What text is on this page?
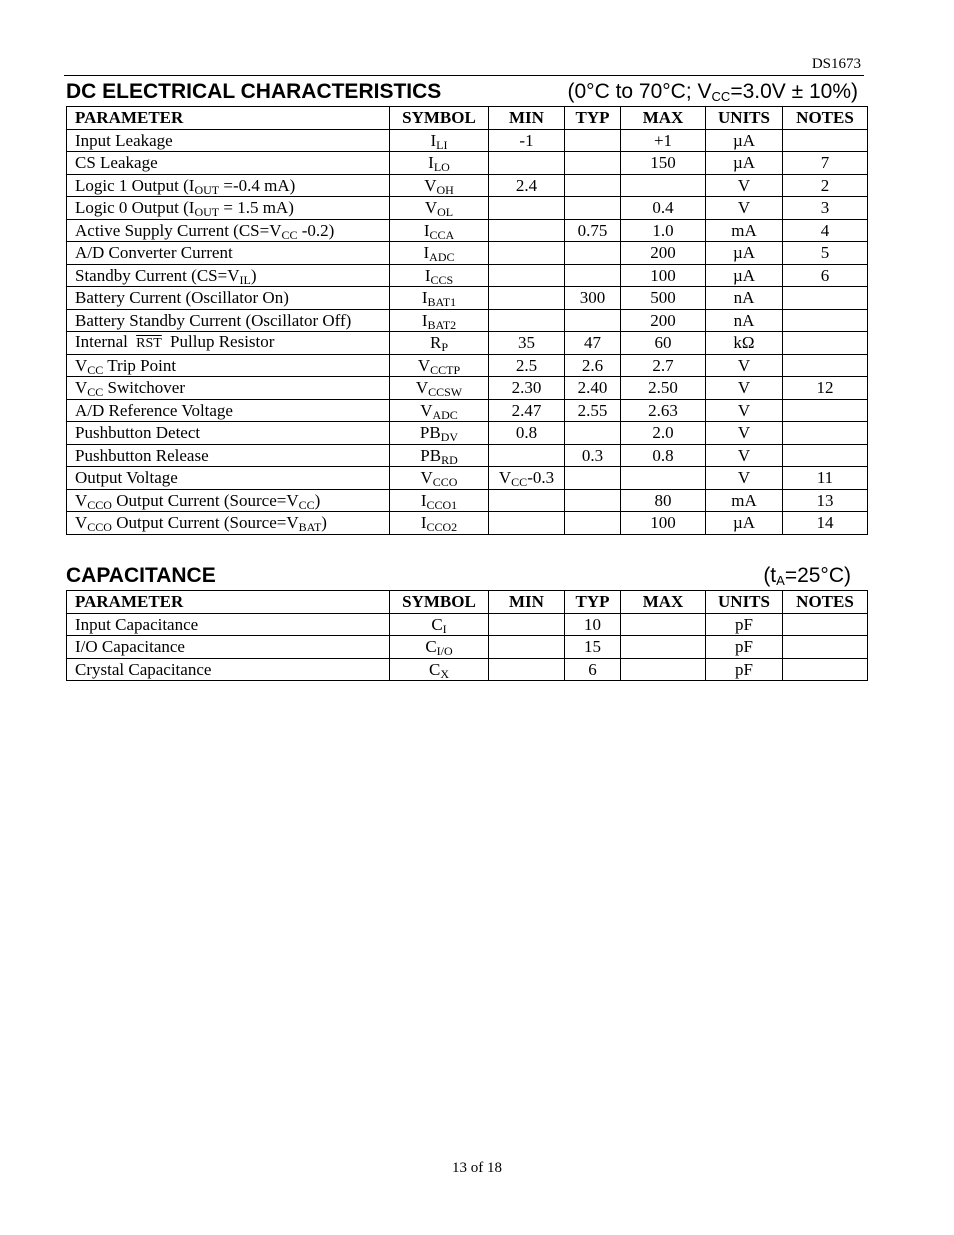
DS1673
DC ELECTRICAL CHARACTERISTICS	(0°C to 70°C; $V_{CC}=3.0V \pm 10\%$)
PARAMETER	SYMBOL	MIN	TYP	MAX	UNITS	NOTES
Input Leakage	$I_{LI}$	-1		+1	µA	
CS Leakage	$I_{LO}$			150	µA	7
Logic 1 Output ($I_{OUT} =-0.4$ mA)	$V_{OH}$	2.4			V	2
Logic 0 Output ($I_{OUT} = 1.5$ mA)	$V_{OL}$			0.4	V	3
Active Supply Current ($CS=V_{CC}$ -0.2)	$I_{CCA}$		0.75	1.0	mA	4
A/D Converter Current	$I_{ADC}$			200	µA	5
Standby Current $(CS=V_{IL})$	$I_{CCS}$			100	µA	6
Battery Current (Oscillator On)	$I_{BAT1}$		300	500	nA	
Battery Standby Current (Oscillator Off)	$I_{BAT2}$			200	nA	
Internal $\overline{RST}$ Pullup Resistor	$R_P$	35	47	60	kΩ	
$V_{CC}$ Trip Point	$V_{CCTP}$	2.5	2.6	2.7	V	
$V_{CC}$ Switchover	$V_{CCSW}$	2.30	2.40	2.50	V	12
A/D Reference Voltage	$V_{ADC}$	2.47	2.55	2.63	V	
Pushbutton Detect	$PB_{DV}$	0.8		2.0	V	
Pushbutton Release	$PB_{RD}$		0.3	0.8	V	
Output Voltage	$V_{CCO}$	$V_{CC}-0.3$			V	11
$V_{CCO}$ Output Current $(Source=V_{CC})$	$I_{CCO1}$			80	mA	13
$V_{CCO}$ Output Current $(Source=V_{BAT})$	$I_{CCO2}$			100	µA	14
CAPACITANCE	$(t_A=25^\circ C)$
PARAMETER	SYMBOL	MIN	TYP	MAX	UNITS	NOTES
Input Capacitance	$C_I$		10		pF	
I/O Capacitance	$C_{I/O}$		15		pF	
Crystal Capacitance	$C_X$		6		pF	
13 of 18
